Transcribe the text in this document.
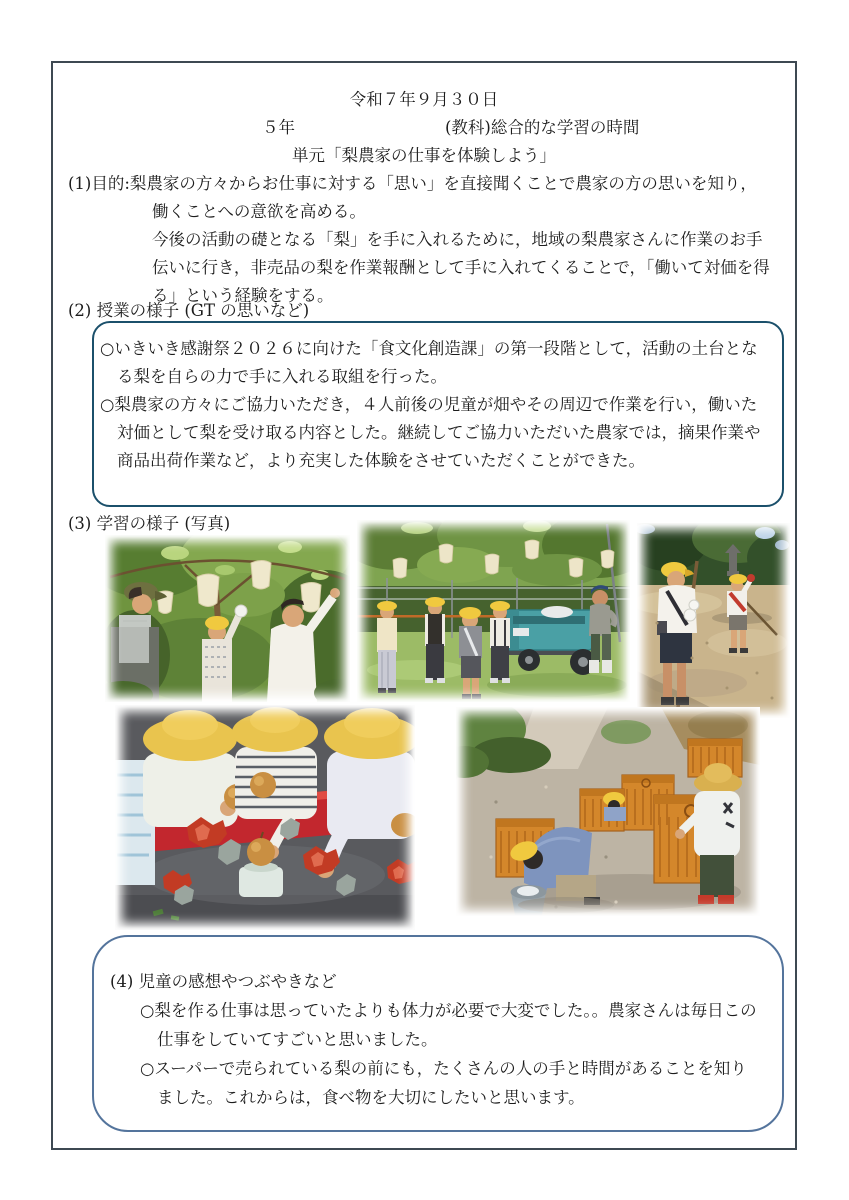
令和７年９月３０日
５年	(教科)総合的な学習の時間
単元「梨農家の仕事を体験しよう」
(1)目的:梨農家の方々からお仕事に対する「思い」を直接聞くことで農家の方の思いを知り，
働くことへの意欲を高める。
今後の活動の礎となる「梨」を手に入れるために，地域の梨農家さんに作業のお手
伝いに行き，非売品の梨を作業報酬として手に入れてくることで，「働いて対価を得
る」という経験をする。
(2) 授業の様子 (GT の思いなど)
○いきいき感謝祭２０２６に向けた「食文化創造課」の第一段階として，活動の土台とな
る梨を自らの力で手に入れる取組を行った。
○梨農家の方々にご協力いただき，４人前後の児童が畑やその周辺で作業を行い，働いた
対価として梨を受け取る内容とした。継続してご協力いただいた農家では，摘果作業や
商品出荷作業など，より充実した体験をさせていただくことができた。
(3) 学習の様子 (写真)
(4) 児童の感想やつぶやきなど
○梨を作る仕事は思っていたよりも体力が必要で大変でした。。農家さんは毎日この
仕事をしていてすごいと思いました。
○スーパーで売られている梨の前にも，たくさんの人の手と時間があることを知り
ました。これからは，食べ物を大切にしたいと思います。
